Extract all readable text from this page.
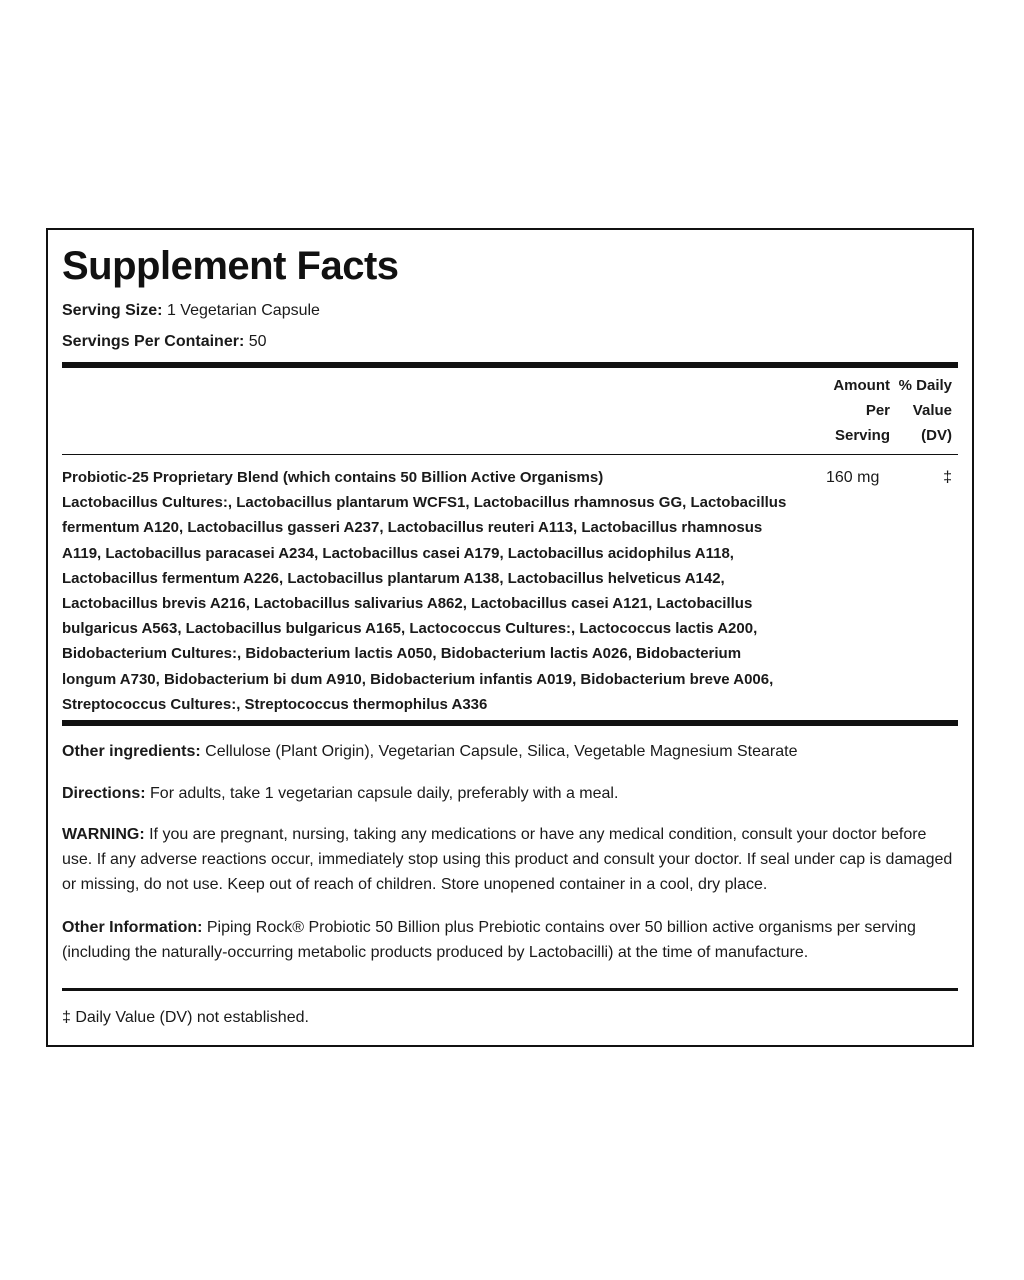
Supplement Facts
Serving Size: 1 Vegetarian Capsule
Servings Per Container: 50
Amount
Per
Serving
% Daily
Value
(DV)
Probiotic-25 Proprietary Blend (which contains 50 Billion Active Organisms)
Lactobacillus Cultures:, Lactobacillus plantarum WCFS1, Lactobacillus rhamnosus GG, Lactobacillus
fermentum A120, Lactobacillus gasseri A237, Lactobacillus reuteri A113, Lactobacillus rhamnosus
A119, Lactobacillus paracasei A234, Lactobacillus casei A179, Lactobacillus acidophilus A118,
Lactobacillus fermentum A226, Lactobacillus plantarum A138, Lactobacillus helveticus A142,
Lactobacillus brevis A216, Lactobacillus salivarius A862, Lactobacillus casei A121, Lactobacillus
bulgaricus A563, Lactobacillus bulgaricus A165, Lactococcus Cultures:, Lactococcus lactis A200,
Bidobacterium Cultures:, Bidobacterium lactis A050, Bidobacterium lactis A026, Bidobacterium
longum A730, Bidobacterium bi dum A910, Bidobacterium infantis A019, Bidobacterium breve A006,
Streptococcus Cultures:, Streptococcus thermophilus A336
160 mg	‡
Other ingredients: Cellulose (Plant Origin), Vegetarian Capsule, Silica, Vegetable Magnesium Stearate
Directions: For adults, take 1 vegetarian capsule daily, preferably with a meal.
WARNING: If you are pregnant, nursing, taking any medications or have any medical condition, consult your doctor before use. If any adverse reactions occur, immediately stop using this product and consult your doctor. If seal under cap is damaged or missing, do not use. Keep out of reach of children. Store unopened container in a cool, dry place.
Other Information: Piping Rock® Probiotic 50 Billion plus Prebiotic contains over 50 billion active organisms per serving (including the naturally-occurring metabolic products produced by Lactobacilli) at the time of manufacture.
‡ Daily Value (DV) not established.
